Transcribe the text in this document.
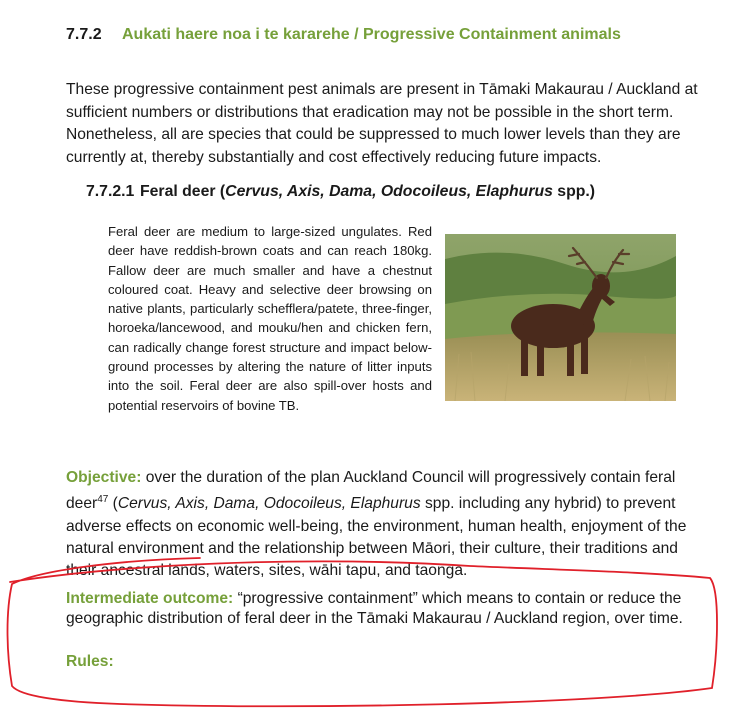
7.7.2 Aukati haere noa i te kararehe / Progressive Containment animals
These progressive containment pest animals are present in Tāmaki Makaurau / Auckland at sufficient numbers or distributions that eradication may not be possible in the short term. Nonetheless, all are species that could be suppressed to much lower levels than they are currently at, thereby substantially and cost effectively reducing future impacts.
7.7.2.1 Feral deer (Cervus, Axis, Dama, Odocoileus, Elaphurus spp.)
Feral deer are medium to large-sized ungulates. Red deer have reddish-brown coats and can reach 180kg. Fallow deer are much smaller and have a chestnut coloured coat. Heavy and selective deer browsing on native plants, particularly schefflera/patete, three-finger, horoeka/lancewood, and mouku/hen and chicken fern, can radically change forest structure and impact below-ground processes by altering the nature of litter inputs into the soil. Feral deer are also spill-over hosts and potential reservoirs of bovine TB.
Objective: over the duration of the plan Auckland Council will progressively contain feral deer$^{47}$ (Cervus, Axis, Dama, Odocoileus, Elaphurus spp. including any hybrid) to prevent adverse effects on economic well-being, the environment, human health, enjoyment of the natural environment and the relationship between Māori, their culture, their traditions and their ancestral lands, waters, sites, wāhi tapu, and taonga.
Intermediate outcome: “progressive containment” which means to contain or reduce the geographic distribution of feral deer in the Tāmaki Makaurau / Auckland region, over time.
Rules:
